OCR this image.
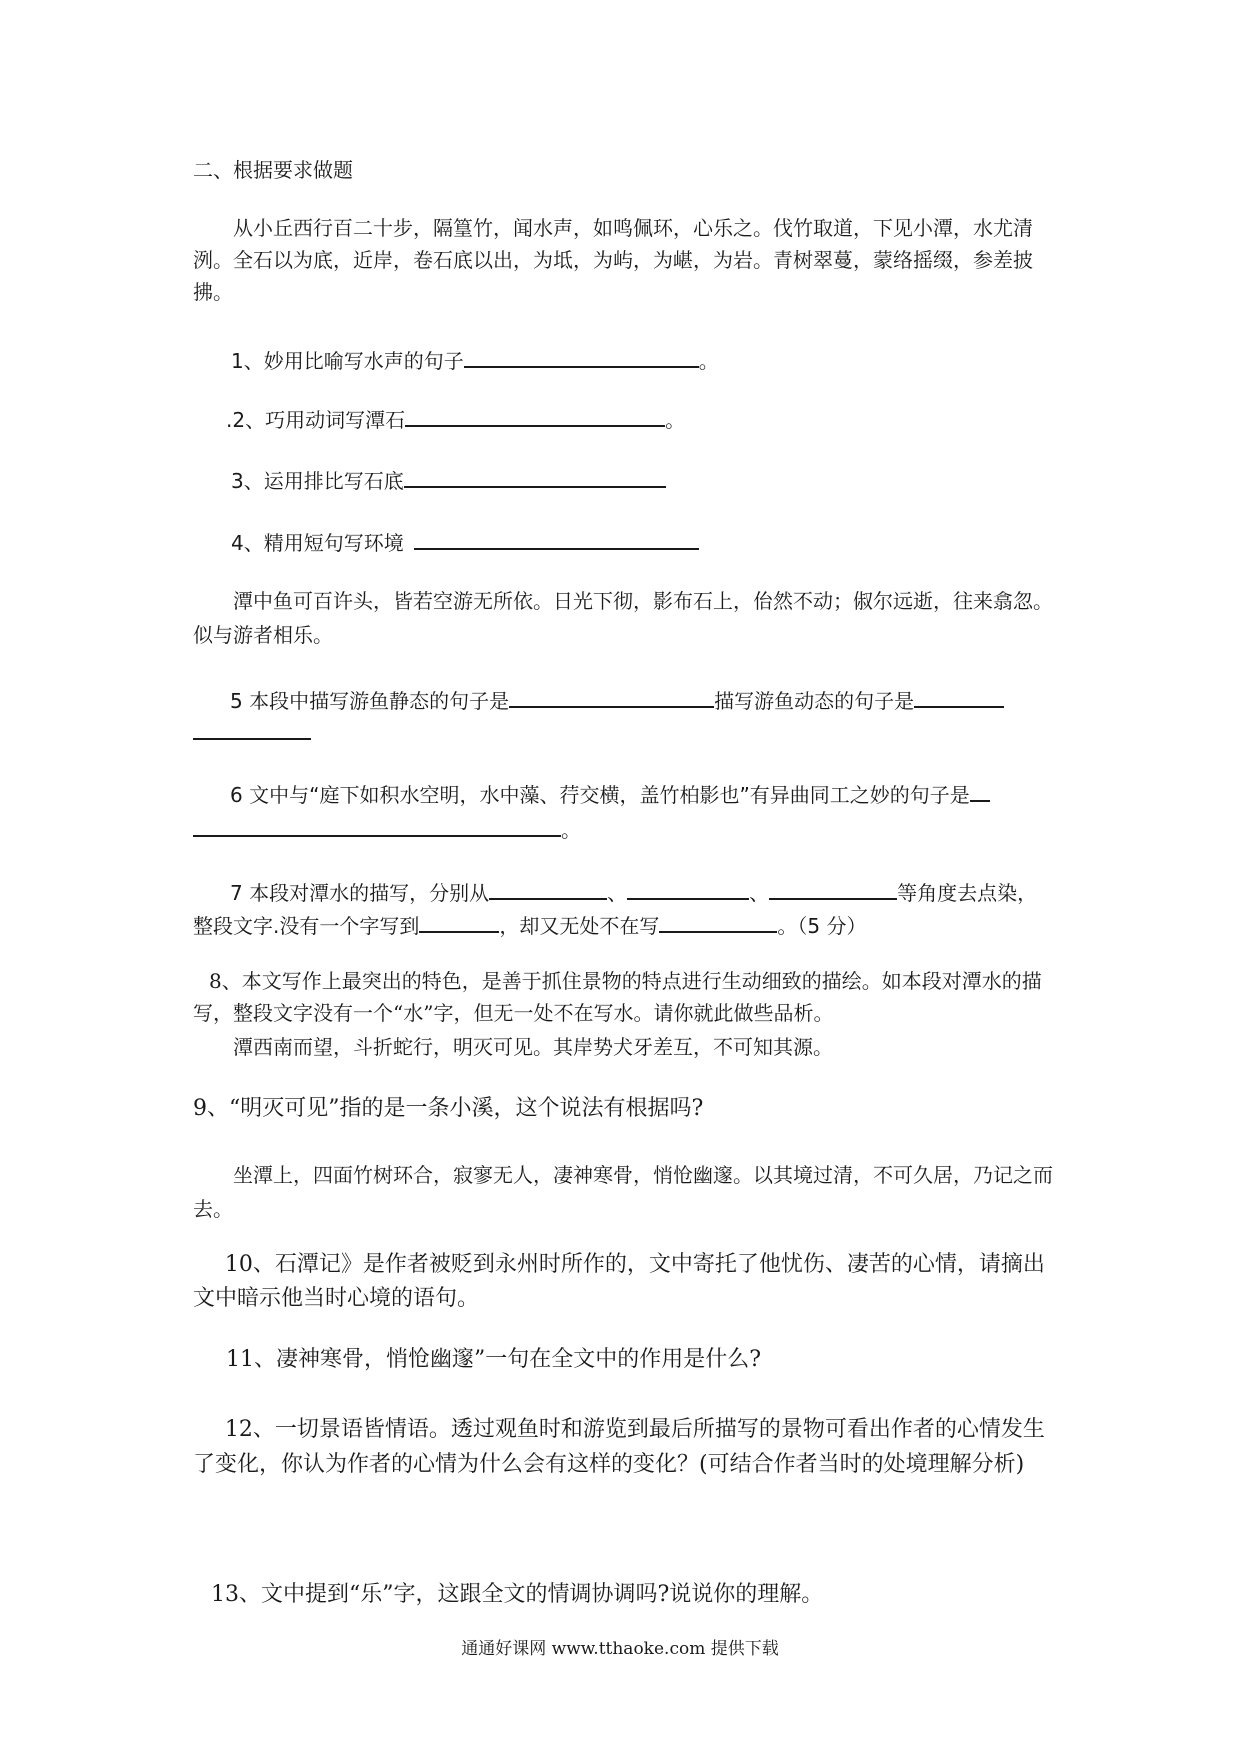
二、根据要求做题
从小丘西行百二十步，隔篁竹，闻水声，如鸣佩环，心乐之。伐竹取道，下见小潭，水尤清洌。全石以为底，近岸，卷石底以出，为坻，为屿，为嵁，为岩。青树翠蔓，蒙络摇缀，参差披拂。
1、妙用比喻写水声的句子	。
.2、巧用动词写潭石	。
3、运用排比写石底
4、精用短句写环境
潭中鱼可百许头，皆若空游无所依。日光下彻，影布石上，佁然不动；俶尔远逝，往来翕忽。似与游者相乐。
5 本段中描写游鱼静态的句子是	描写游鱼动态的句子是
6 文中与“庭下如积水空明，水中藻、荇交横，盖竹柏影也”有异曲同工之妙的句子是
。
7 本段对潭水的描写，分别从	、	、	等角度去点染，
整段文字.没有一个字写到	，却又无处不在写	。（5 分）
8、本文写作上最突出的特色，是善于抓住景物的特点进行生动细致的描绘。如本段对潭水的描写，整段文字没有一个“水”字，但无一处不在写水。请你就此做些品析。
潭西南而望，斗折蛇行，明灭可见。其岸势犬牙差互，不可知其源。
9、“明灭可见”指的是一条小溪，这个说法有根据吗?
坐潭上，四面竹树环合，寂寥无人，凄神寒骨，悄怆幽邃。以其境过清，不可久居，乃记之而去。
10、石潭记》是作者被贬到永州时所作的，文中寄托了他忧伤、凄苦的心情，请摘出文中暗示他当时心境的语句。
11、凄神寒骨，悄怆幽邃”一句在全文中的作用是什么?
12、一切景语皆情语。透过观鱼时和游览到最后所描写的景物可看出作者的心情发生了变化，你认为作者的心情为什么会有这样的变化？(可结合作者当时的处境理解分析)
13、文中提到“乐”字，这跟全文的情调协调吗?说说你的理解。
通通好课网 www.tthaoke.com 提供下载
